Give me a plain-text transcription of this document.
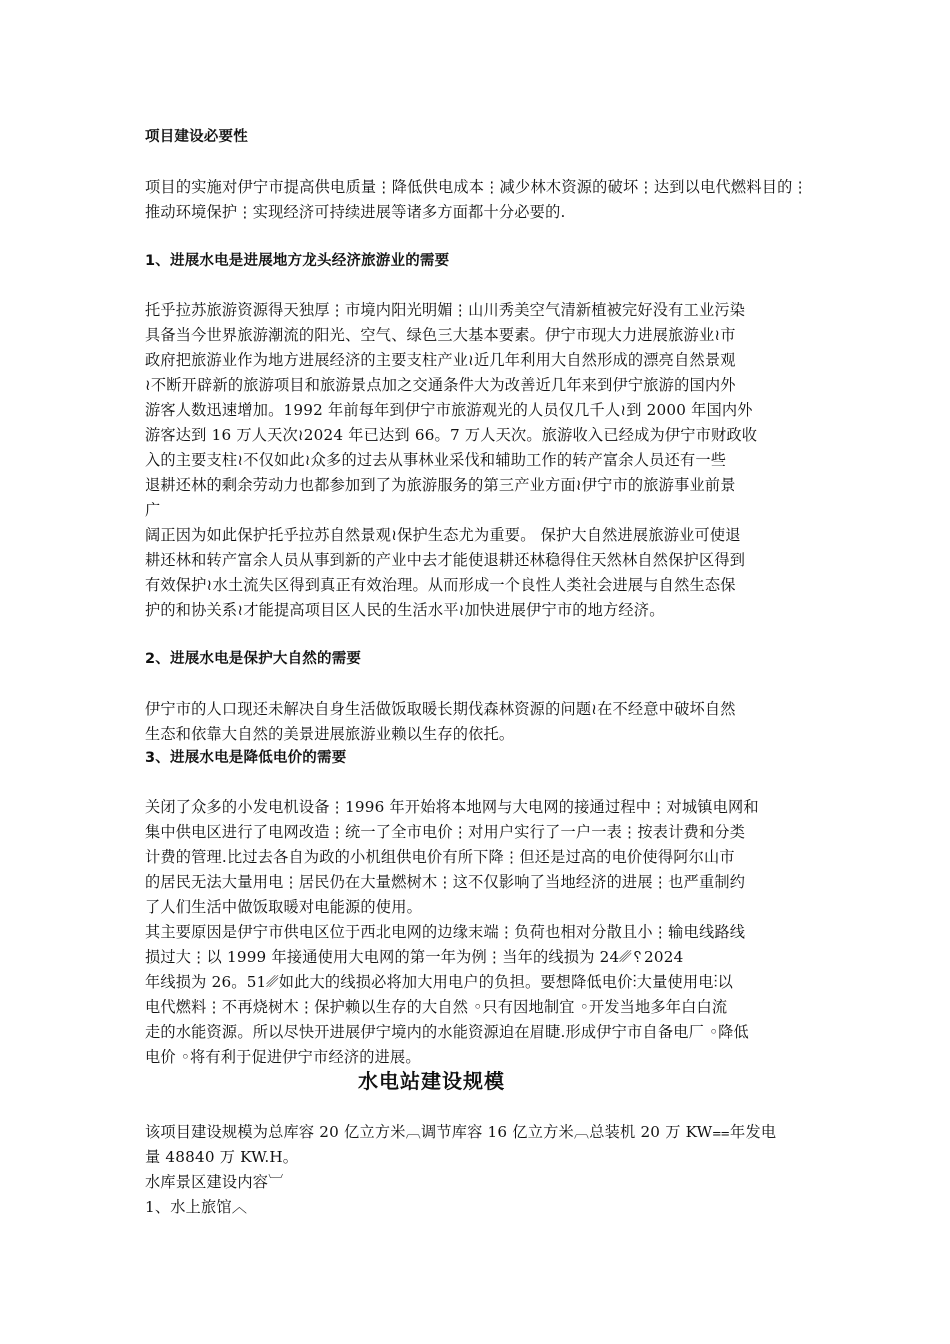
项目建设必要性
项目的实施对伊宁市提高供电质量⋮降低供电成本⋮减少林木资源的破坏⋮达到以电代燃料目的⋮推动环境保护⋮实现经济可持续进展等诸多方面都十分必要的.
1、进展水电是进展地方龙头经济旅游业的需要
托乎拉苏旅游资源得天独厚⋮市境内阳光明媚⋮山川秀美空气清新植被完好没有工业污染
具备当今世界旅游潮流的阳光、空气、绿色三大基本要素。伊宁市现大力进展旅游业≀市
政府把旅游业作为地方进展经济的主要支柱产业≀近几年利用大自然形成的漂亮自然景观
≀不断开辟新的旅游项目和旅游景点加之交通条件大为改善近几年来到伊宁旅游的国内外
游客人数迅速增加。1992 年前每年到伊宁市旅游观光的人员仅几千人≀到 2000 年国内外
游客达到 16 万人天次≀2024 年已达到 66。7 万人天次。旅游收入已经成为伊宁市财政收
入的主要支柱≀不仅如此≀众多的过去从事林业采伐和辅助工作的转产富余人员还有一些
退耕还林的剩余劳动力也都参加到了为旅游服务的第三产业方面≀伊宁市的旅游事业前景
广
阔正因为如此保护托乎拉苏自然景观≀保护生态尤为重要。 保护大自然进展旅游业可使退
耕还林和转产富余人员从事到新的产业中去才能使退耕还林稳得住天然林自然保护区得到
有效保护≀水土流失区得到真正有效治理。从而形成一个良性人类社会进展与自然生态保
护的和协关系≀才能提高项目区人民的生活水平≀加快进展伊宁市的地方经济。
2、进展水电是保护大自然的需要
伊宁市的人口现还未解决自身生活做饭取暖长期伐森林资源的问题≀在不经意中破坏自然
生态和依靠大自然的美景进展旅游业赖以生存的依托。
3、进展水电是降低电价的需要
关闭了众多的小发电机设备⋮1996 年开始将本地网与大电网的接通过程中⋮对城镇电网和
集中供电区进行了电网改造⋮统一了全市电价⋮对用户实行了一户一表⋮按表计费和分类
计费的管理.比过去各自为政的小机组供电价有所下降⋮但还是过高的电价使得阿尔山市
的居民无法大量用电⋮居民仍在大量燃树木⋮这不仅影响了当地经济的进展⋮也严重制约
了人们生活中做饭取暖对电能源的使用。
其主要原因是伊宁市供电区位于西北电网的边缘末端⋮负荷也相对分散且小⋮输电线路线
损过大⋮以 1999 年接通使用大电网的第一年为例⋮当年的线损为 24␥␦2024
年线损为 26。51␥如此大的线损必将加大用电户的负担。要想降低电价⋮大量使用电⋮以
电代燃料⋮不再烧树木⋮保护赖以生存的大自然 ◦只有因地制宜 ◦开发当地多年白白流
走的水能资源。所以尽快开进展伊宁境内的水能资源迫在眉睫.形成伊宁市自备电厂 ◦降低
电价 ◦将有利于促进伊宁市经济的进展。
水电站建设规模
该项目建设规模为总库容 20 亿立方米︹调节库容 16 亿立方米︹总装机 20 万 KW⩵年发电
量 48840 万 KW.H。
水库景区建设内容︺
1、水上旅馆︿
